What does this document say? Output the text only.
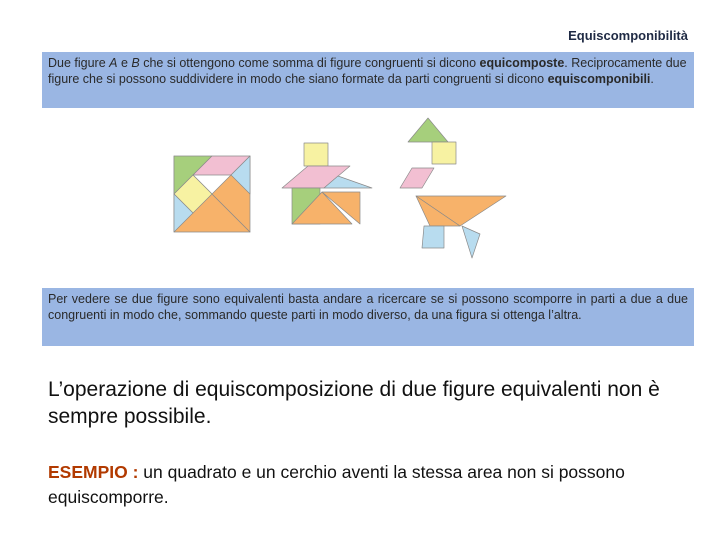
Equiscomponibilità
Due figure A e B che si ottengono come somma di figure congruenti si dicono equicomposte. Reciprocamente due figure che si possono suddividere in modo che siano formate da parti congruenti si dicono equiscomponibili.
Per vedere se due figure sono equivalenti basta andare a ricercare se si possono scomporre in parti a due a due congruenti in modo che, sommando queste parti in modo diverso, da una figura si ottenga l’altra.
L’operazione di equiscomposizione di due figure equivalenti non è sempre possibile.
ESEMPIO : un quadrato e un cerchio aventi la stessa area non si possono equiscomporre.
